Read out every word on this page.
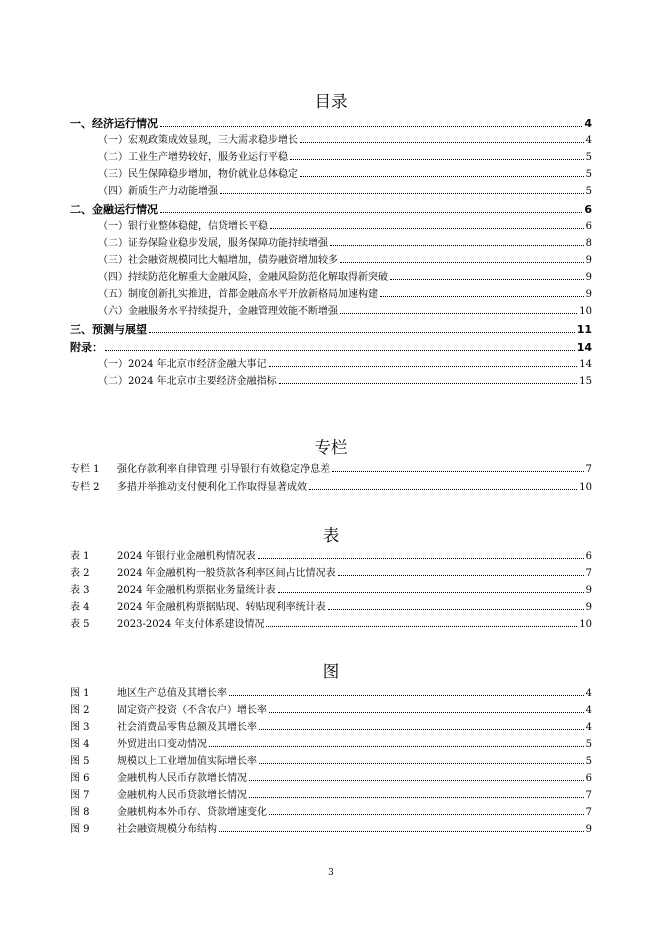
目录
专栏
表
图
一、经济运行情况	4
（一）宏观政策成效显现，三大需求稳步增长	4
（二）工业生产增势较好，服务业运行平稳	5
（三）民生保障稳步增加，物价就业总体稳定	5
（四）新质生产力动能增强	5
二、金融运行情况	6
（一）银行业整体稳健，信贷增长平稳	6
（二）证券保险业稳步发展，服务保障功能持续增强	8
（三）社会融资规模同比大幅增加，债券融资增加较多	9
（四）持续防范化解重大金融风险，金融风险防范化解取得新突破	9
（五）制度创新扎实推进，首都金融高水平开放新格局加速构建	9
（六）金融服务水平持续提升，金融管理效能不断增强	10
三、预测与展望	11
附录：	14
（一）2024 年北京市经济金融大事记	14
（二）2024 年北京市主要经济金融指标	15
专栏 1	强化存款利率自律管理 引导银行有效稳定净息差	7
专栏 2	多措并举推动支付便利化工作取得显著成效	10
表 1	2024 年银行业金融机构情况表	6
表 2	2024 年金融机构一般贷款各利率区间占比情况表	7
表 3	2024 年金融机构票据业务量统计表	9
表 4	2024 年金融机构票据贴现、转贴现利率统计表	9
表 5	2023-2024 年支付体系建设情况	10
图 1	地区生产总值及其增长率	4
图 2	固定资产投资（不含农户）增长率	4
图 3	社会消费品零售总额及其增长率	4
图 4	外贸进出口变动情况	5
图 5	规模以上工业增加值实际增长率	5
图 6	金融机构人民币存款增长情况	6
图 7	金融机构人民币贷款增长情况	7
图 8	金融机构本外币存、贷款增速变化	7
图 9	社会融资规模分布结构	9
3
